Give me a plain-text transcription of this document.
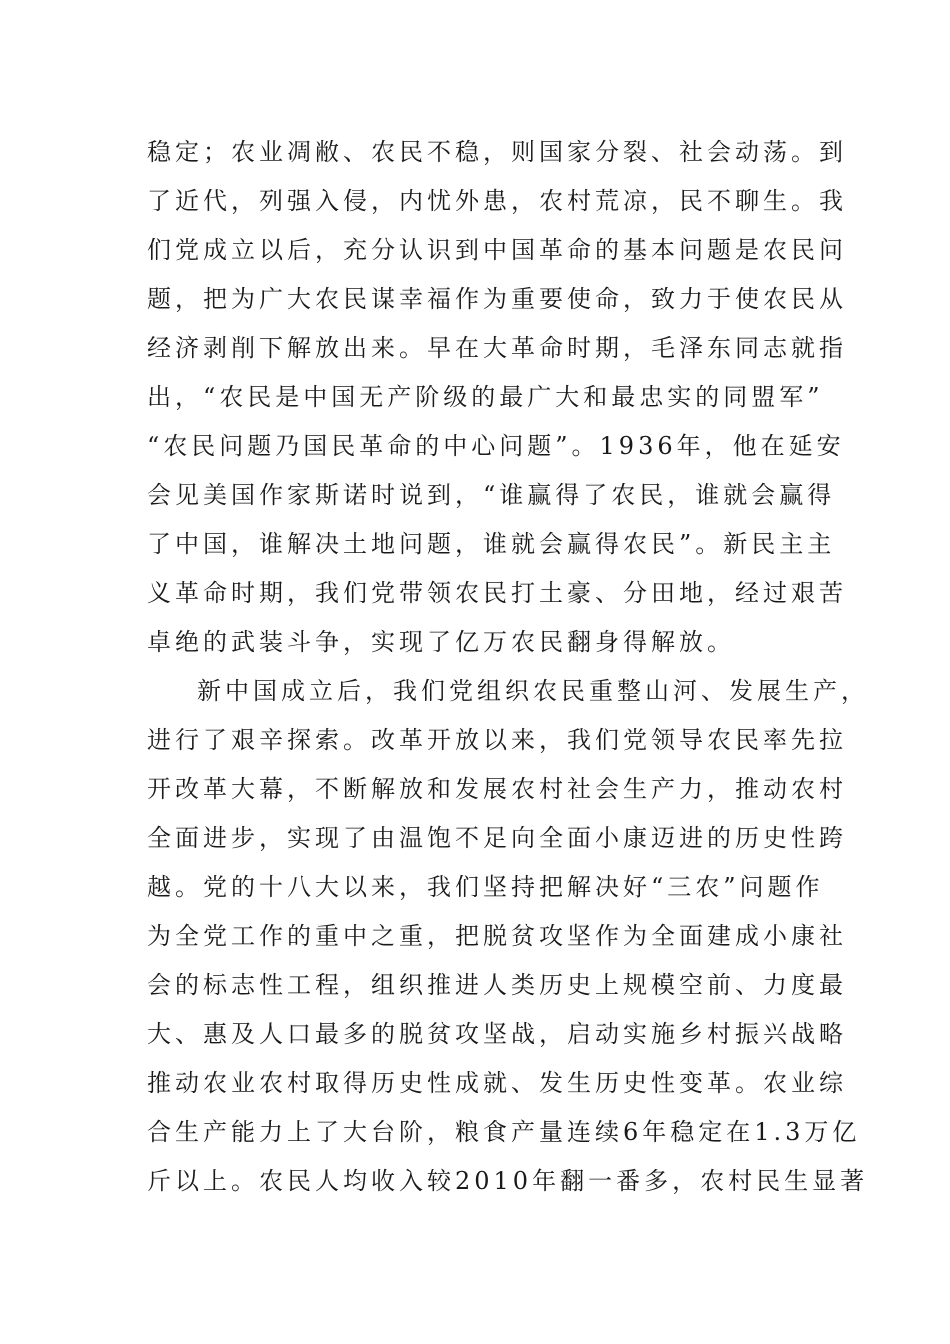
稳定；农业凋敝、农民不稳，则国家分裂、社会动荡。到
了近代，列强入侵，内忧外患，农村荒凉，民不聊生。我
们党成立以后，充分认识到中国革命的基本问题是农民问
题，把为广大农民谋幸福作为重要使命，致力于使农民从
经济剥削下解放出来。早在大革命时期，毛泽东同志就指
出，“农民是中国无产阶级的最广大和最忠实的同盟军”
“农民问题乃国民革命的中心问题”。1936年，他在延安
会见美国作家斯诺时说到，“谁赢得了农民，谁就会赢得
了中国，谁解决土地问题，谁就会赢得农民”。新民主主
义革命时期，我们党带领农民打土豪、分田地，经过艰苦
卓绝的武装斗争，实现了亿万农民翻身得解放。
新中国成立后，我们党组织农民重整山河、发展生产，
进行了艰辛探索。改革开放以来，我们党领导农民率先拉
开改革大幕，不断解放和发展农村社会生产力，推动农村
全面进步，实现了由温饱不足向全面小康迈进的历史性跨
越。党的十八大以来，我们坚持把解决好“三农”问题作
为全党工作的重中之重，把脱贫攻坚作为全面建成小康社
会的标志性工程，组织推进人类历史上规模空前、力度最
大、惠及人口最多的脱贫攻坚战，启动实施乡村振兴战略
推动农业农村取得历史性成就、发生历史性变革。农业综
合生产能力上了大台阶，粮食产量连续6年稳定在1.3万亿
斤以上。农民人均收入较2010年翻一番多，农村民生显著
